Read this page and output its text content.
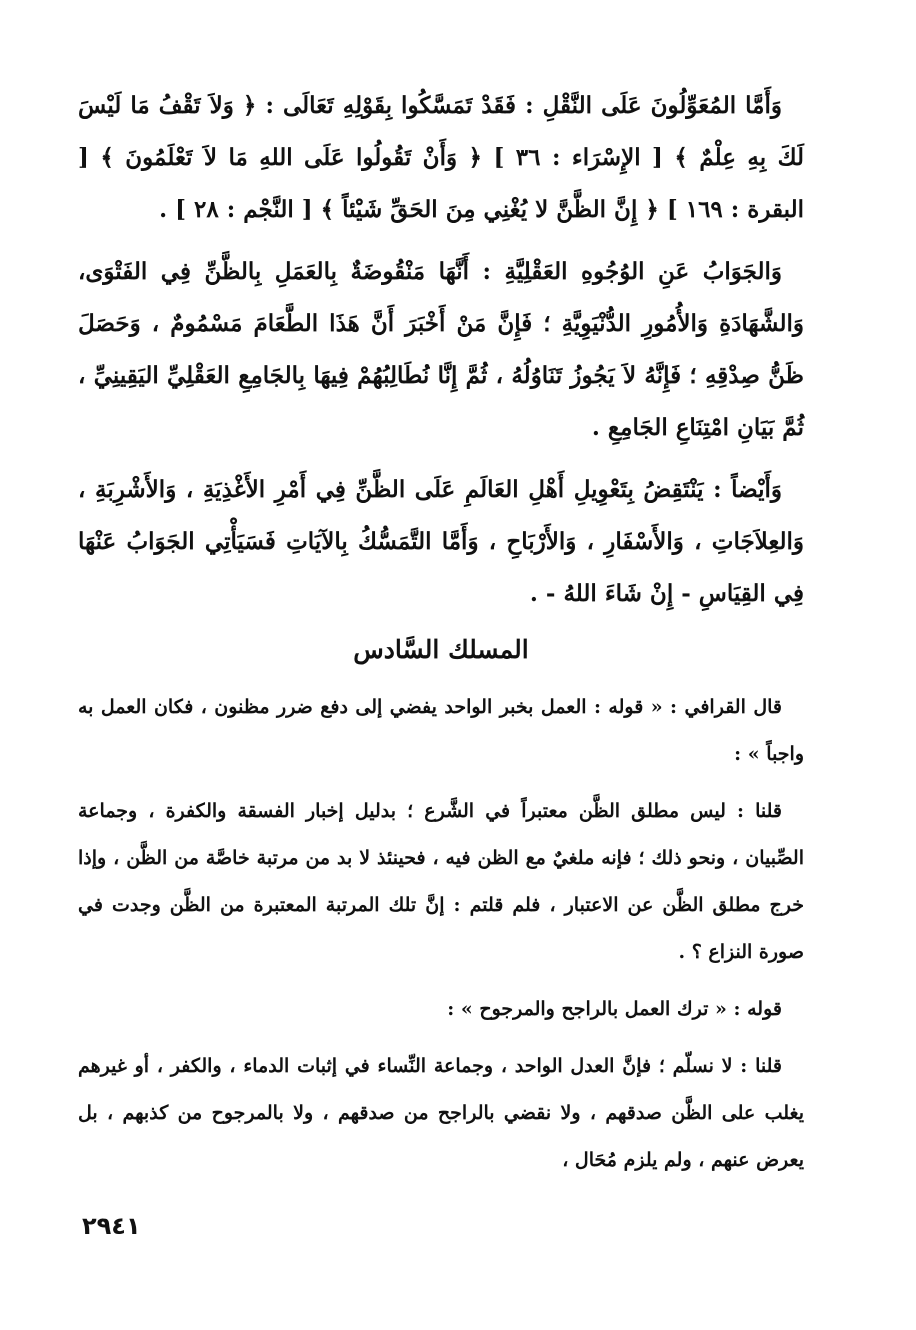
وَأَمَّا المُعَوِّلُونَ عَلَى النَّقْلِ : فَقَدْ تَمَسَّكُوا بِقَوْلِهِ تَعَالَى : ﴿ وَلاَ تَقْفُ مَا لَيْسَ لَكَ بِهِ عِلْمٌ ﴾ [ الإِسْرَاء : ٣٦ ] ﴿ وَأَنْ تَقُولُوا عَلَى اللهِ مَا لاَ تَعْلَمُونَ ﴾ [ البقرة : ١٦٩ ] ﴿ إِنَّ الظَّنَّ لا يُغْنِي مِنَ الحَقِّ شَيْئاً ﴾ [ النَّجْم : ٢٨ ] .

وَالجَوَابُ عَنِ الوُجُوهِ العَقْلِيَّةِ : أَنَّهَا مَنْقُوضَةٌ بِالعَمَلِ بِالظَّنِّ فِي الفَتْوَى، وَالشَّهَادَةِ وَالأُمُورِ الدُّنْيَوِيَّةِ ؛ فَإِنَّ مَنْ أَخْبَرَ أَنَّ هَذَا الطَّعَامَ مَسْمُومٌ ، وَحَصَلَ ظَنُّ صِدْقِهِ ؛ فَإِنَّهُ لاَ يَجُوزُ تَنَاوُلُهُ ، ثُمَّ إِنَّا نُطَالِبُهُمْ فِيهَا بِالجَامِعِ العَقْلِيِّ اليَقِينِيِّ ، ثُمَّ بَيَانِ امْتِنَاعِ الجَامِعِ .

وَأَيْضاً : يَنْتَقِضُ بِتَعْوِيلِ أَهْلِ العَالَمِ عَلَى الظَّنِّ فِي أَمْرِ الأَغْذِيَةِ ، وَالأَشْرِبَةِ ، وَالعِلاَجَاتِ ، وَالأَسْفَارِ ، وَالأَرْبَاحِ ، وَأَمَّا التَّمَسُّكُ بِالآيَاتِ فَسَيَأْتِي الجَوَابُ عَنْهَا فِي القِيَاسِ - إِنْ شَاءَ اللهُ - .

المسلك السَّادس

قال القرافي : « قوله : العمل بخبر الواحد يفضي إلى دفع ضرر مظنون ، فكان العمل به واجباً » :

قلنا : ليس مطلق الظَّن معتبراً في الشَّرع ؛ بدليل إخبار الفسقة والكفرة ، وجماعة الصِّبيان ، ونحو ذلك ؛ فإنه ملغيٌ مع الظن فيه ، فحينئذ لا بد من مرتبة خاصَّة من الظَّن ، وإذا خرج مطلق الظَّن عن الاعتبار ، فلم قلتم : إنَّ تلك المرتبة المعتبرة من الظَّن وجدت في صورة النزاع ؟ .

قوله : « ترك العمل بالراجح والمرجوح » :

قلنا : لا نسلّم ؛ فإنَّ العدل الواحد ، وجماعة النِّساء في إثبات الدماء ، والكفر ، أو غيرهم يغلب على الظَّن صدقهم ، ولا نقضي بالراجح من صدقهم ، ولا بالمرجوح من كذبهم ، بل يعرض عنهم ، ولم يلزم مُحَال ،

٢٩٤١
